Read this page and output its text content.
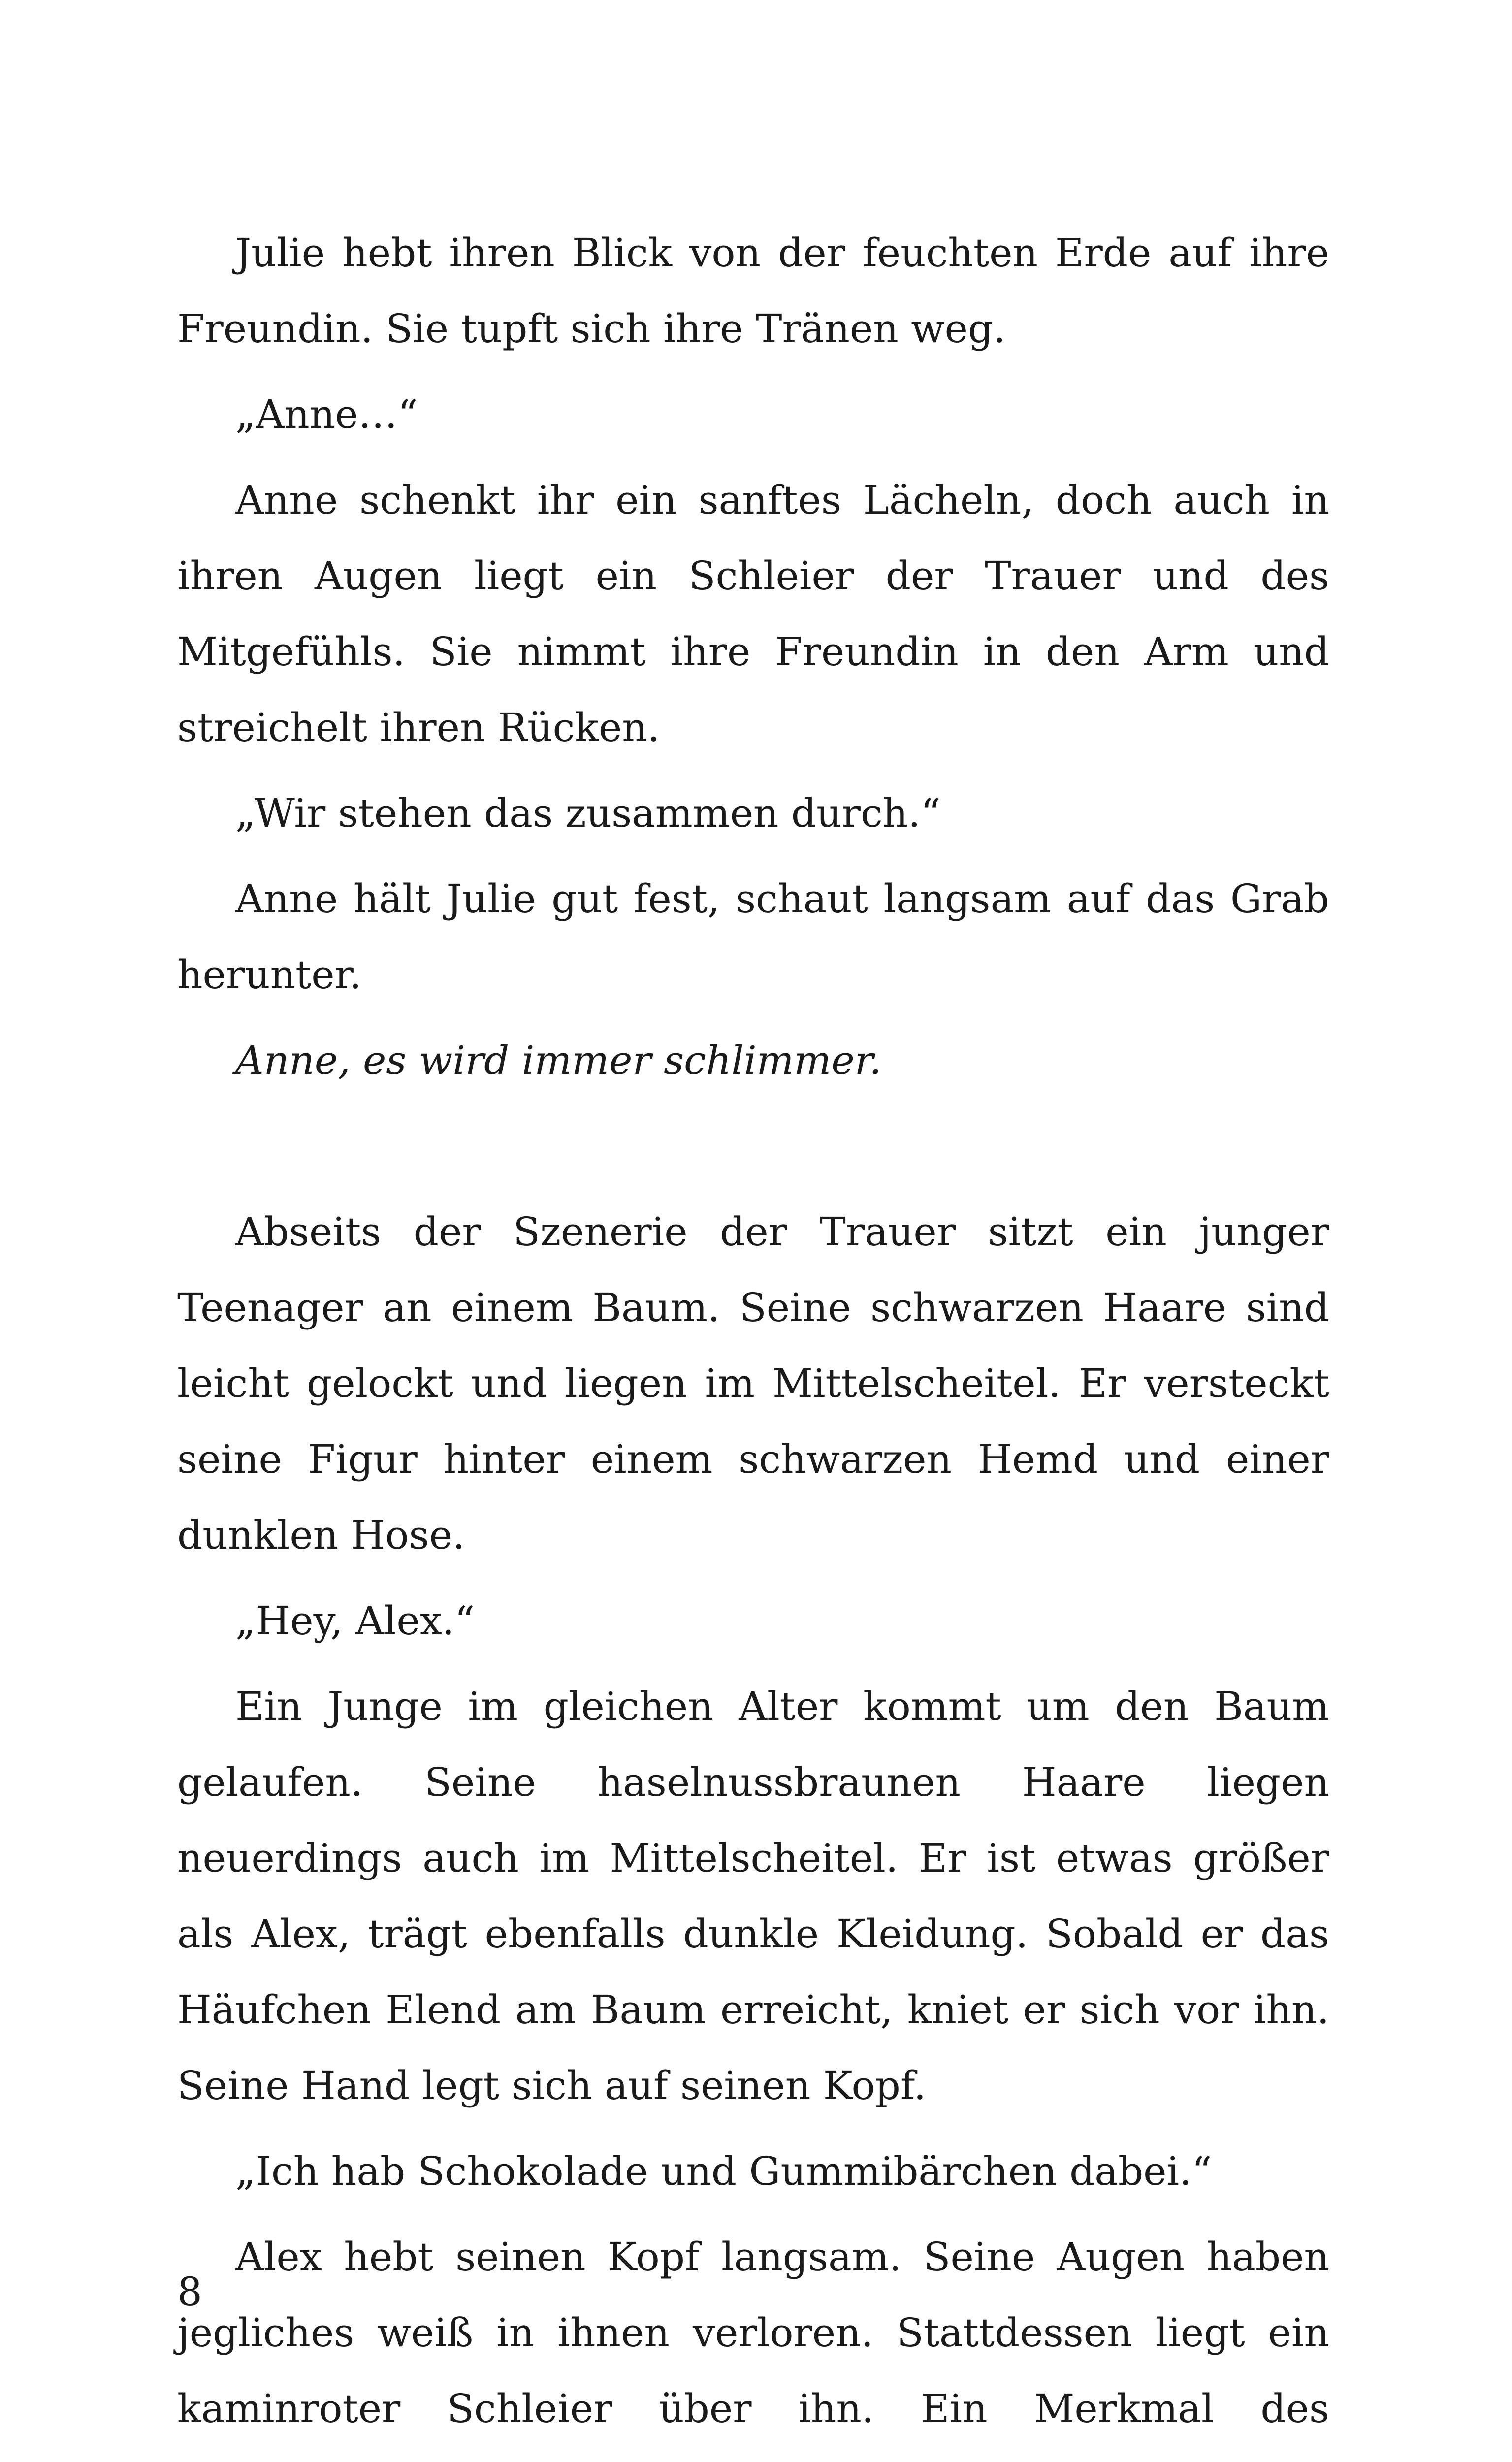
Julie hebt ihren Blick von der feuchten Erde auf ihre Freundin. Sie tupft sich ihre Tränen weg.

„Anne…“

Anne schenkt ihr ein sanftes Lächeln, doch auch in ihren Augen liegt ein Schleier der Trauer und des Mitgefühls. Sie nimmt ihre Freundin in den Arm und streichelt ihren Rücken.

„Wir stehen das zusammen durch.“

Anne hält Julie gut fest, schaut langsam auf das Grab herunter.

Anne, es wird immer schlimmer.

Abseits der Szenerie der Trauer sitzt ein junger Teenager an einem Baum. Seine schwarzen Haare sind leicht gelockt und liegen im Mittelscheitel. Er versteckt seine Figur hinter einem schwarzen Hemd und einer dunklen Hose.

„Hey, Alex.“

Ein Junge im gleichen Alter kommt um den Baum gelaufen. Seine haselnussbraunen Haare liegen neuerdings auch im Mittelscheitel. Er ist etwas größer als Alex, trägt ebenfalls dunkle Kleidung. Sobald er das Häufchen Elend am Baum erreicht, kniet er sich vor ihn. Seine Hand legt sich auf seinen Kopf.

„Ich hab Schokolade und Gummibärchen dabei.“

Alex hebt seinen Kopf langsam. Seine Augen haben jegliches weiß in ihnen verloren. Stattdessen liegt ein kaminroter Schleier über ihn. Ein Merkmal des

8
